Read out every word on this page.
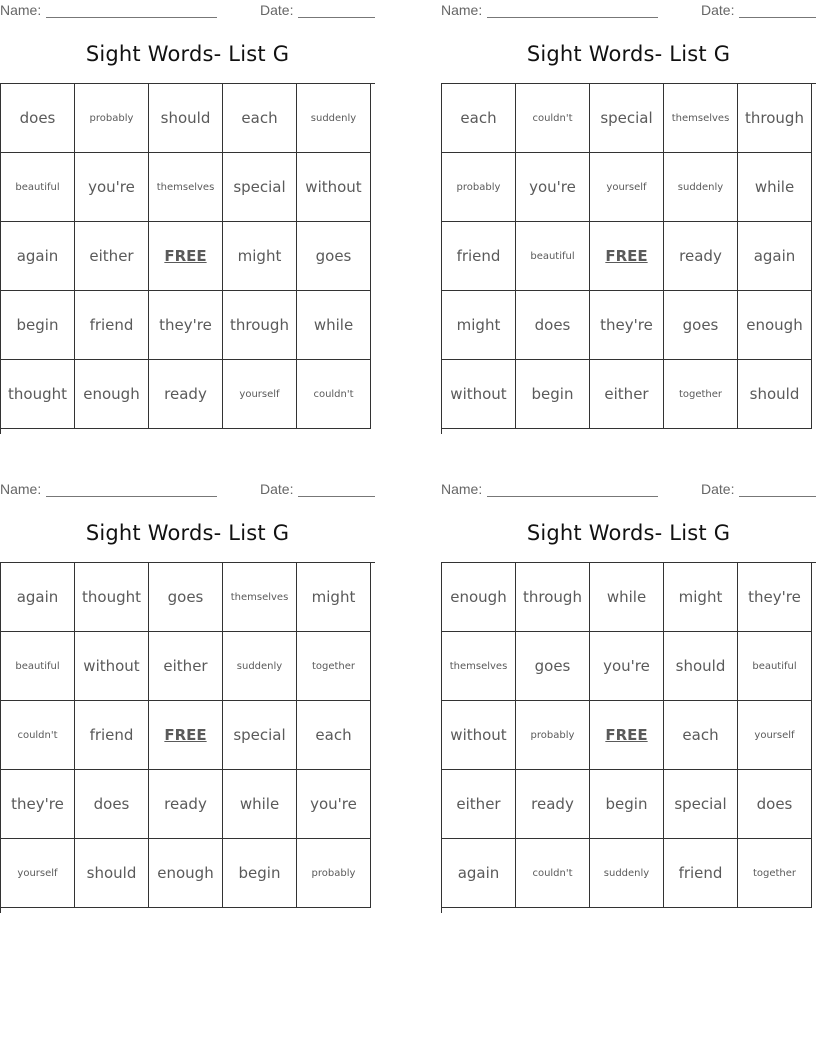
Name:	Date:
Sight Words- List G
does	probably	should	each	suddenly
beautiful	you're	themselves	special	without
again	either	FREE	might	goes
begin	friend	they're	through	while
thought	enough	ready	yourself	couldn't
Name:	Date:
Sight Words- List G
each	couldn't	special	themselves	through
probably	you're	yourself	suddenly	while
friend	beautiful	FREE	ready	again
might	does	they're	goes	enough
without	begin	either	together	should
Name:	Date:
Sight Words- List G
again	thought	goes	themselves	might
beautiful	without	either	suddenly	together
couldn't	friend	FREE	special	each
they're	does	ready	while	you're
yourself	should	enough	begin	probably
Name:	Date:
Sight Words- List G
enough	through	while	might	they're
themselves	goes	you're	should	beautiful
without	probably	FREE	each	yourself
either	ready	begin	special	does
again	couldn't	suddenly	friend	together
